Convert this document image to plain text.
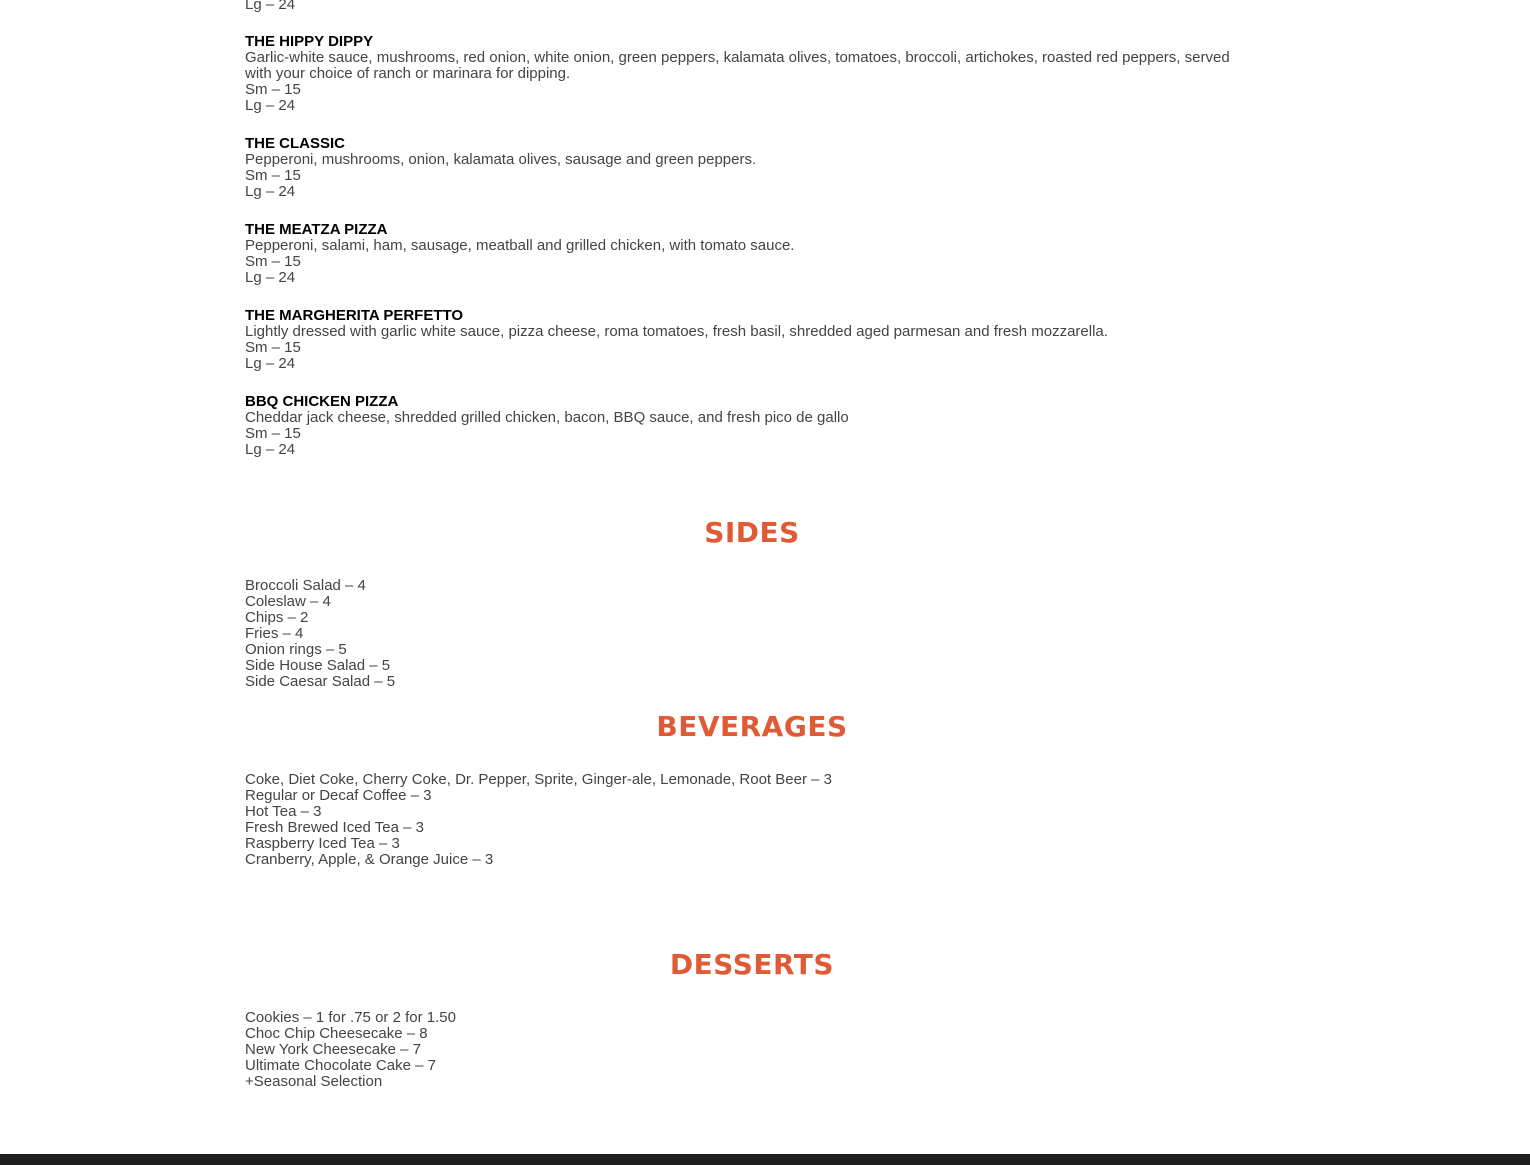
Lg – 24

THE HIPPY DIPPY

Garlic-white sauce, mushrooms, red onion, white onion, green peppers, kalamata olives, tomatoes, broccoli, artichokes, roasted red peppers, served with your choice of ranch or marinara for dipping.

Sm – 15

Lg – 24

THE CLASSIC

Pepperoni, mushrooms, onion, kalamata olives, sausage and green peppers.

Sm – 15

Lg – 24

THE MEATZA PIZZA

Pepperoni, salami, ham, sausage, meatball and grilled chicken, with tomato sauce.

Sm – 15

Lg – 24

THE MARGHERITA PERFETTO

Lightly dressed with garlic white sauce, pizza cheese, roma tomatoes, fresh basil, shredded aged parmesan and fresh mozzarella.

Sm – 15

Lg – 24

BBQ CHICKEN PIZZA

Cheddar jack cheese, shredded grilled chicken, bacon, BBQ sauce, and fresh pico de gallo

Sm – 15

Lg – 24

SIDES

Broccoli Salad – 4

Coleslaw – 4

Chips – 2

Fries – 4

Onion rings – 5

Side House Salad – 5

Side Caesar Salad – 5

BEVERAGES

Coke, Diet Coke, Cherry Coke, Dr. Pepper, Sprite, Ginger-ale, Lemonade, Root Beer – 3

Regular or Decaf Coffee – 3

Hot Tea – 3

Fresh Brewed Iced Tea – 3

Raspberry Iced Tea – 3

Cranberry, Apple, & Orange Juice – 3

DESSERTS

Cookies – 1 for .75 or 2 for 1.50

Choc Chip Cheesecake – 8

New York Cheesecake – 7

Ultimate Chocolate Cake – 7

+Seasonal Selection
